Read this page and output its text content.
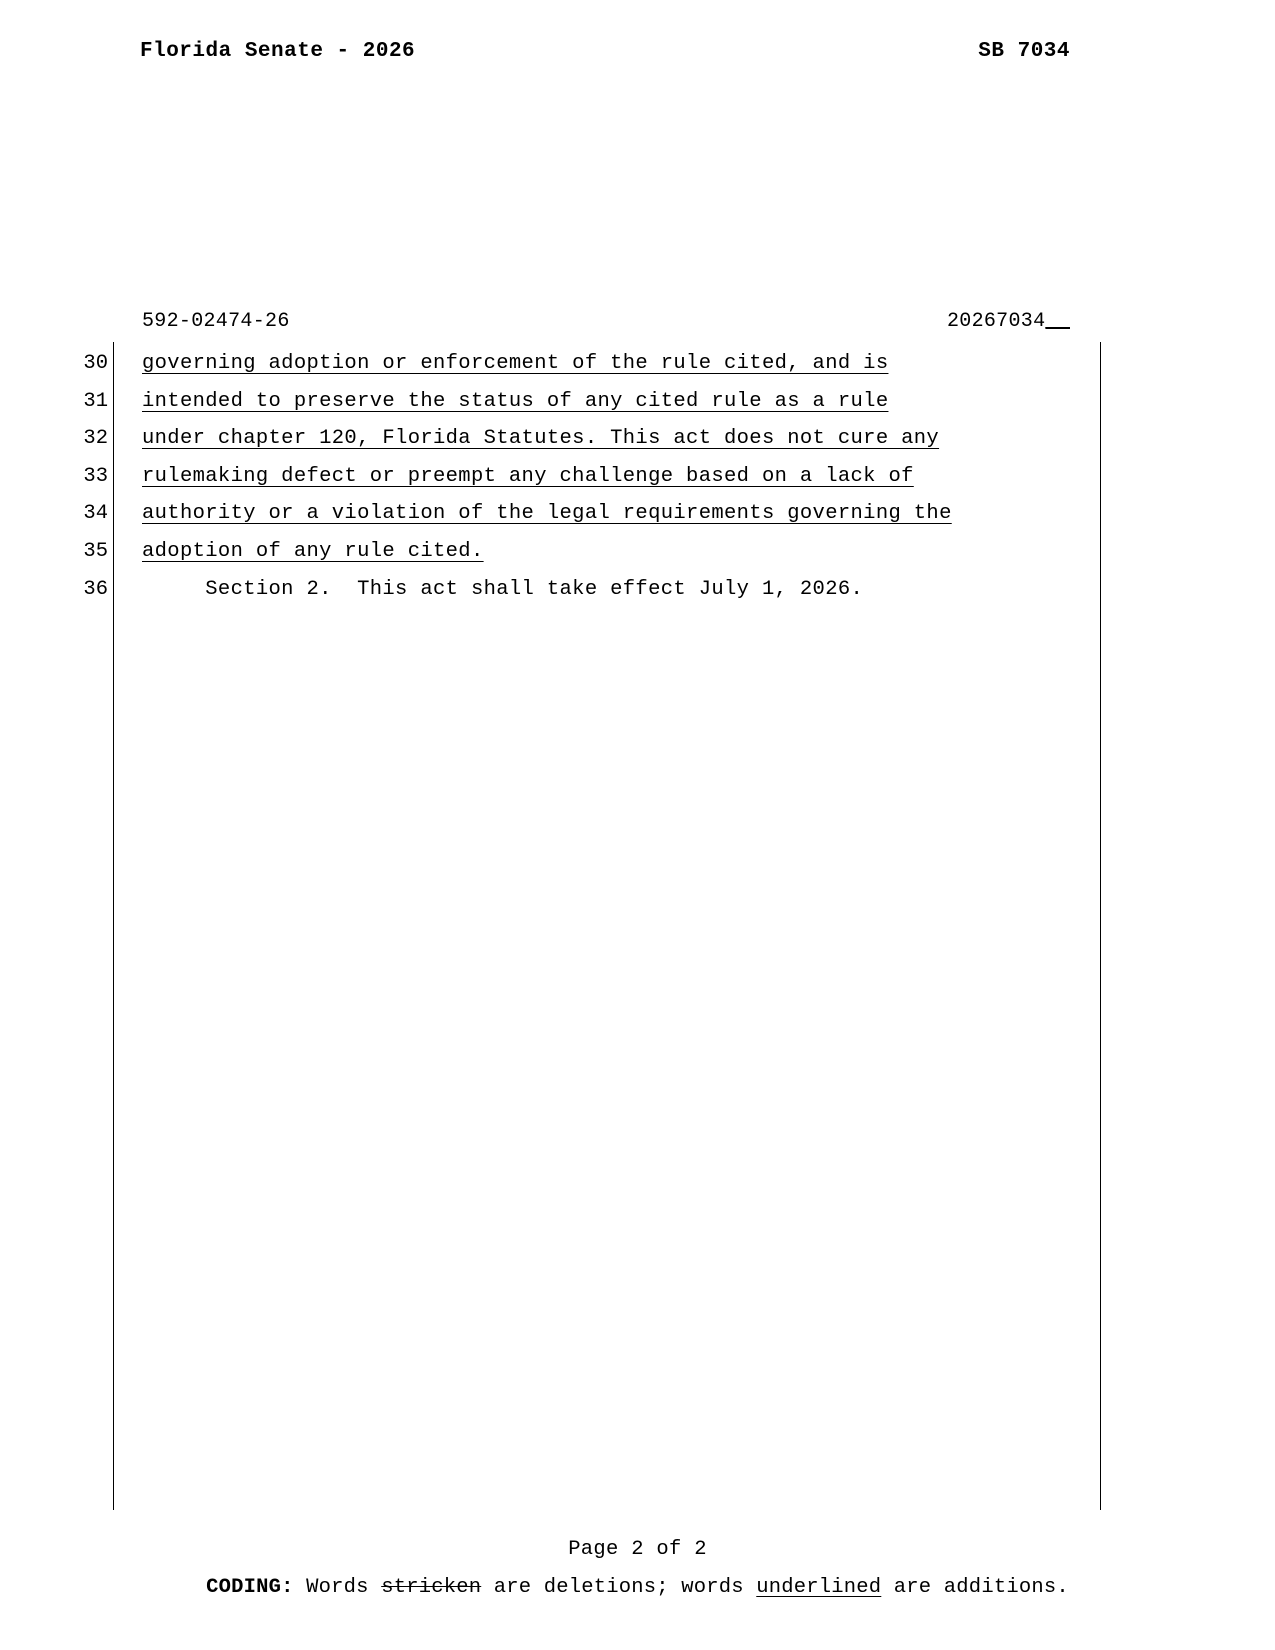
Florida Senate - 2026	SB 7034
592-02474-26	20267034__
30 governing adoption or enforcement of the rule cited, and is
31 intended to preserve the status of any cited rule as a rule
32 under chapter 120, Florida Statutes. This act does not cure any
33 rulemaking defect or preempt any challenge based on a lack of
34 authority or a violation of the legal requirements governing the
35 adoption of any rule cited.
36 Section 2.  This act shall take effect July 1, 2026.
Page 2 of 2
CODING: Words stricken are deletions; words underlined are additions.
